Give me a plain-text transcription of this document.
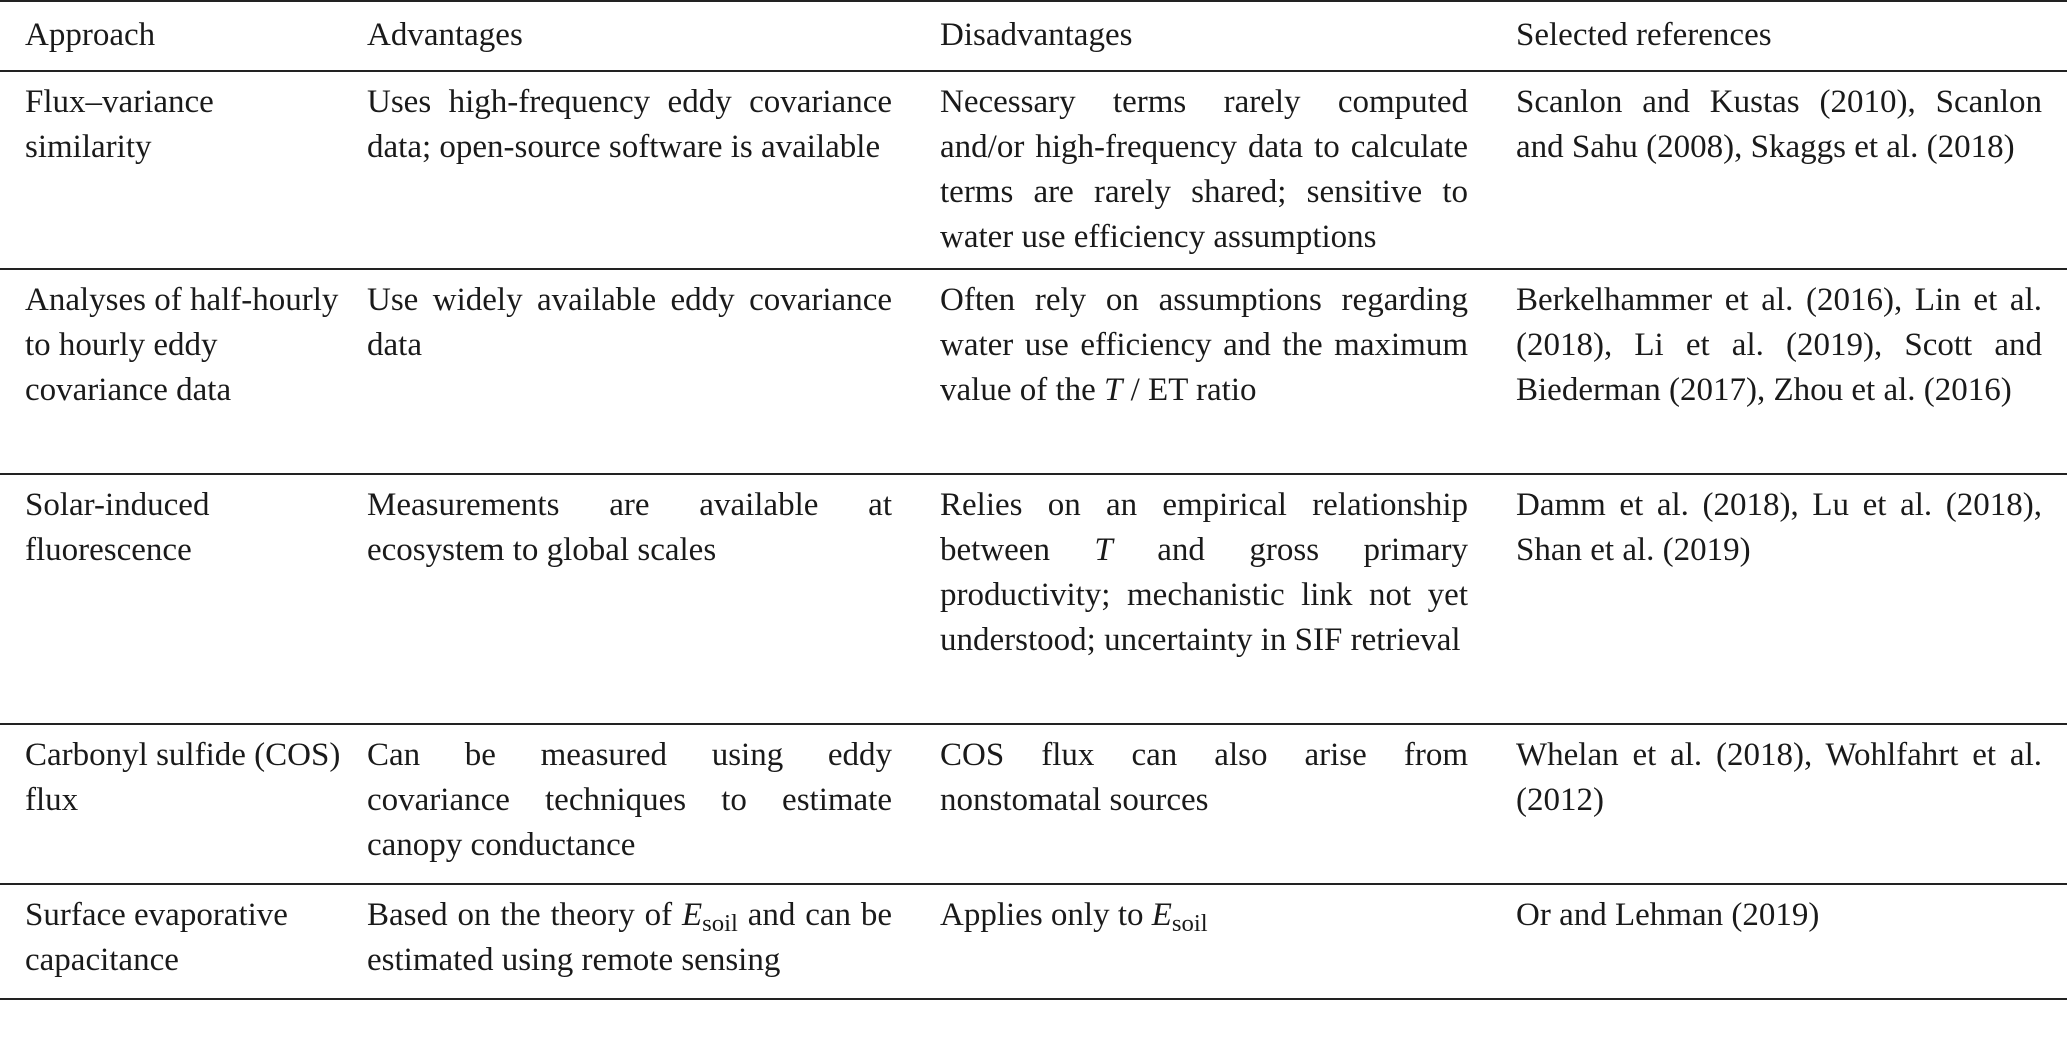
Approach	Advantages	Disadvantages	Selected references
Flux–variance similarity	Uses high-frequency eddy covariance data; open-source software is available	Necessary terms rarely computed and/or high-frequency data to calculate terms are rarely shared; sensitive to water use efficiency assumptions	Scanlon and Kustas (2010), Scanlon and Sahu (2008), Skaggs et al. (2018)
Analyses of half-hourly to hourly eddy covariance data	Use widely available eddy covariance data	Often rely on assumptions regarding water use efficiency and the maximum value of the T / ET ratio	Berkelhammer et al. (2016), Lin et al. (2018), Li et al. (2019), Scott and Biederman (2017), Zhou et al. (2016)
Solar-induced fluorescence	Measurements are available at ecosystem to global scales	Relies on an empirical relationship between T and gross primary productivity; mechanistic link not yet understood; uncertainty in SIF retrieval	Damm et al. (2018), Lu et al. (2018), Shan et al. (2019)
Carbonyl sulfide (COS) flux	Can be measured using eddy covariance techniques to estimate canopy conductance	COS flux can also arise from nonstomatal sources	Whelan et al. (2018), Wohlfahrt et al. (2012)
Surface evaporative capacitance	Based on the theory of $E_{soil}$ and can be estimated using remote sensing	Applies only to $E_{soil}$	Or and Lehman (2019)
